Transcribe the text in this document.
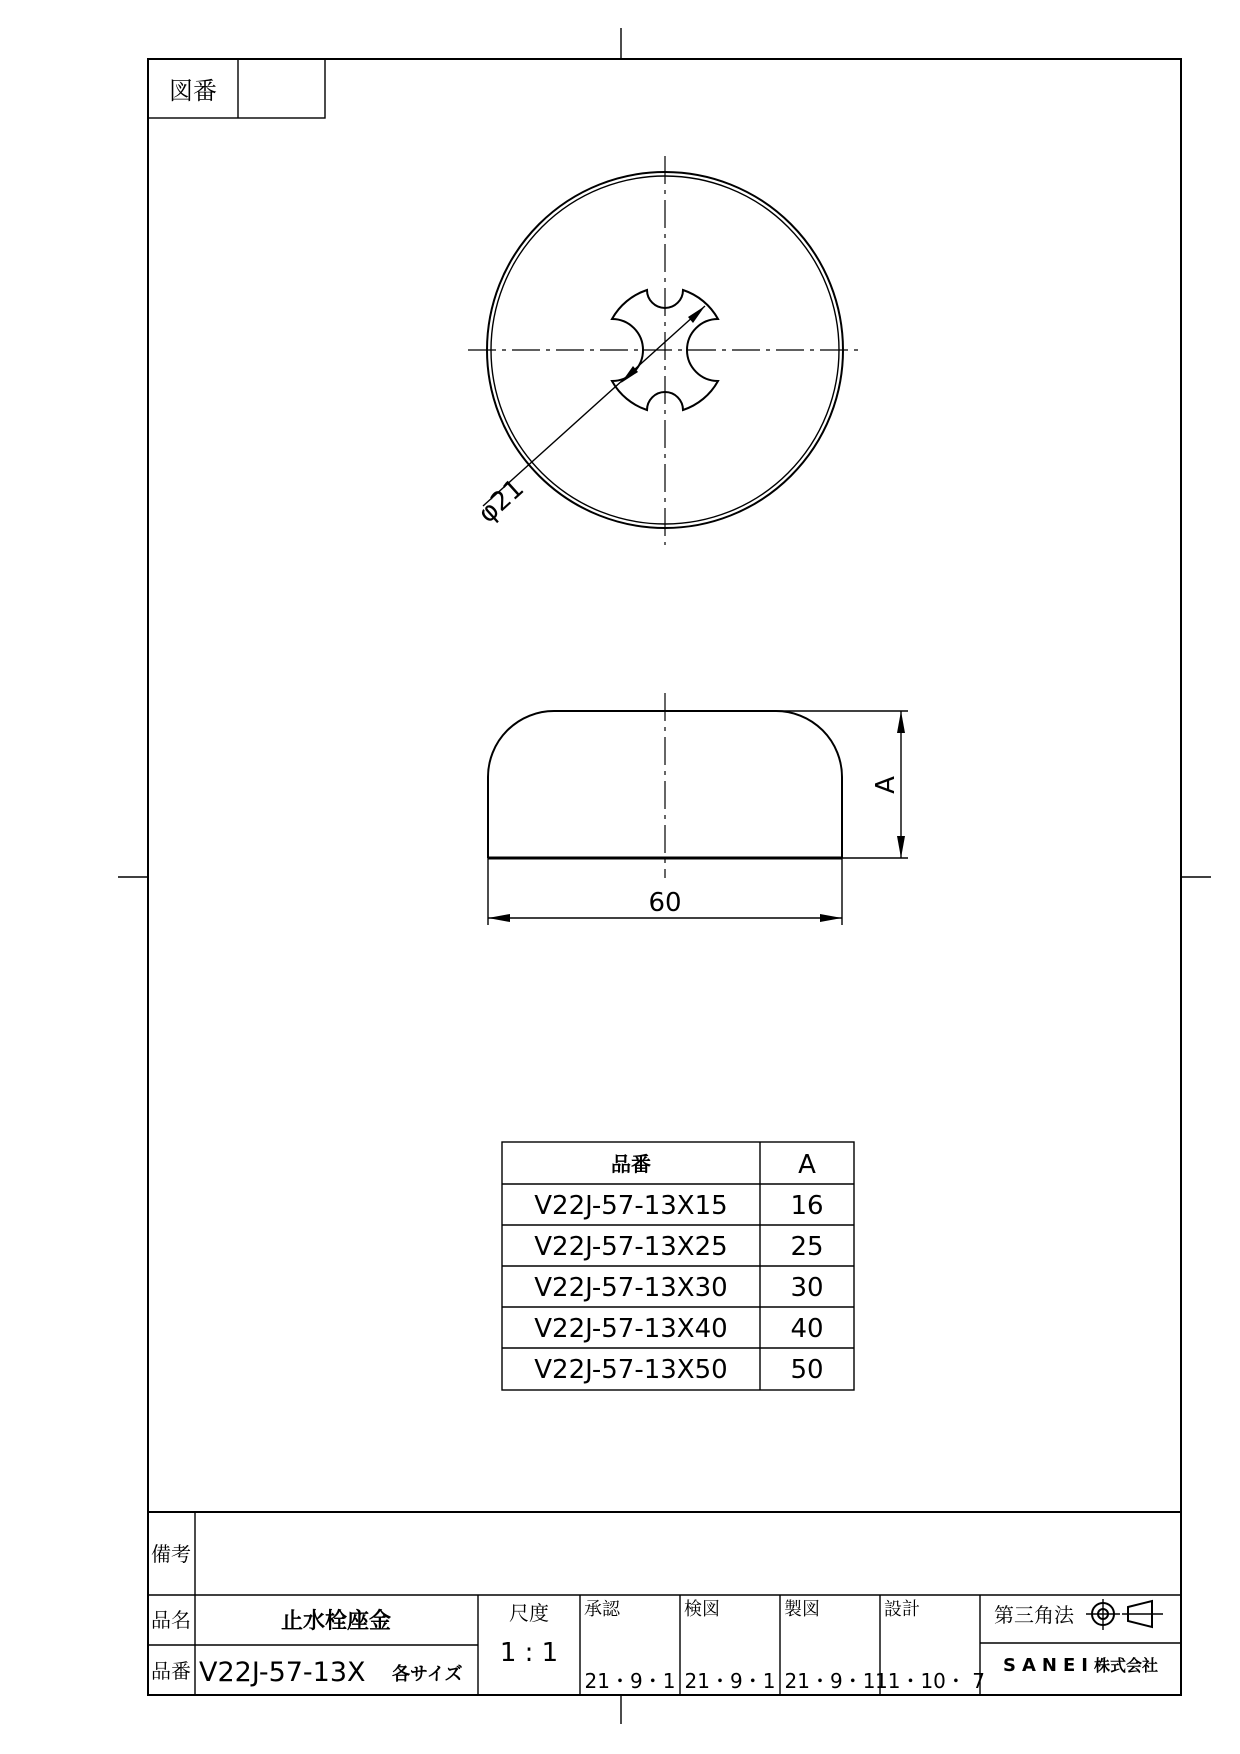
図番
φ21
60
A
品番	A
V22J-57-13X15 16
V22J-57-13X25 25
V22J-57-13X30 30
V22J-57-13X40 40
V22J-57-13X50 50
備考
品名	止水栓座金
品番 V22J-57-13X 各サイズ
尺度
1 : 1
承認
21・9・1
検図
21・9・1
製図
21・9・1
設計
11・10・ 7
第三角法
SANEI 株式会社
